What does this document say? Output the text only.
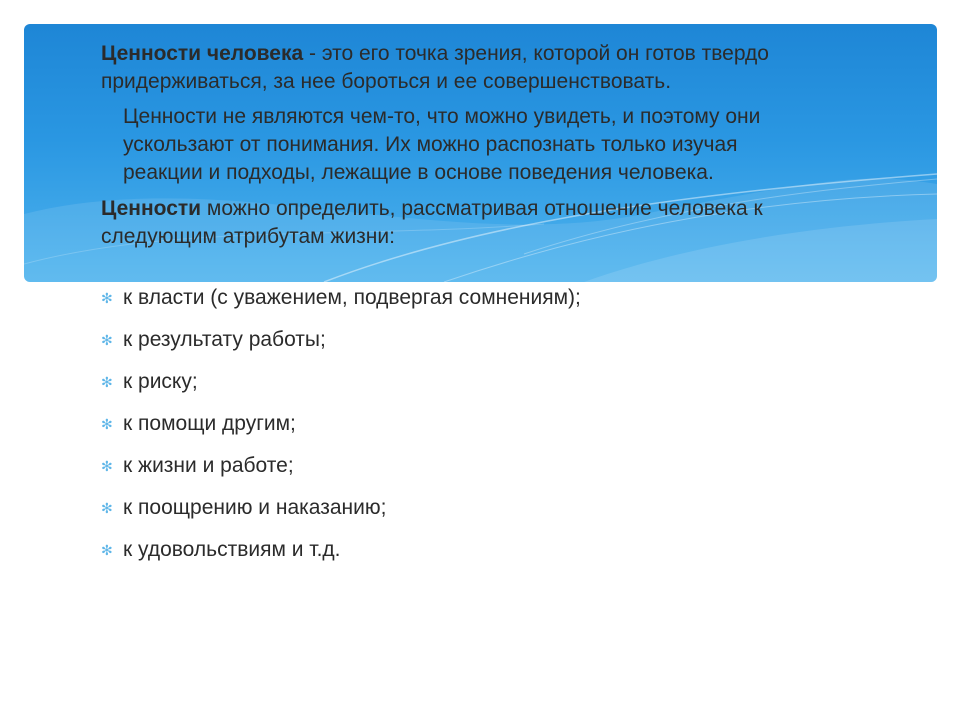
Ценности человека - это его точка зрения, которой он готов твердо
придерживаться, за нее бороться и ее совершенствовать.

Ценности не являются чем-то, что можно увидеть, и поэтому они
ускользают от понимания. Их можно распознать только изучая
реакции и подходы, лежащие в основе поведения человека.

Ценности можно определить, рассматривая отношение человека к
следующим атрибутам жизни:

✻ к власти (с уважением, подвергая сомнениям);
✻ к результату работы;
✻ к риску;
✻ к помощи другим;
✻ к жизни и работе;
✻ к поощрению и наказанию;
✻ к удовольствиям и т.д.
